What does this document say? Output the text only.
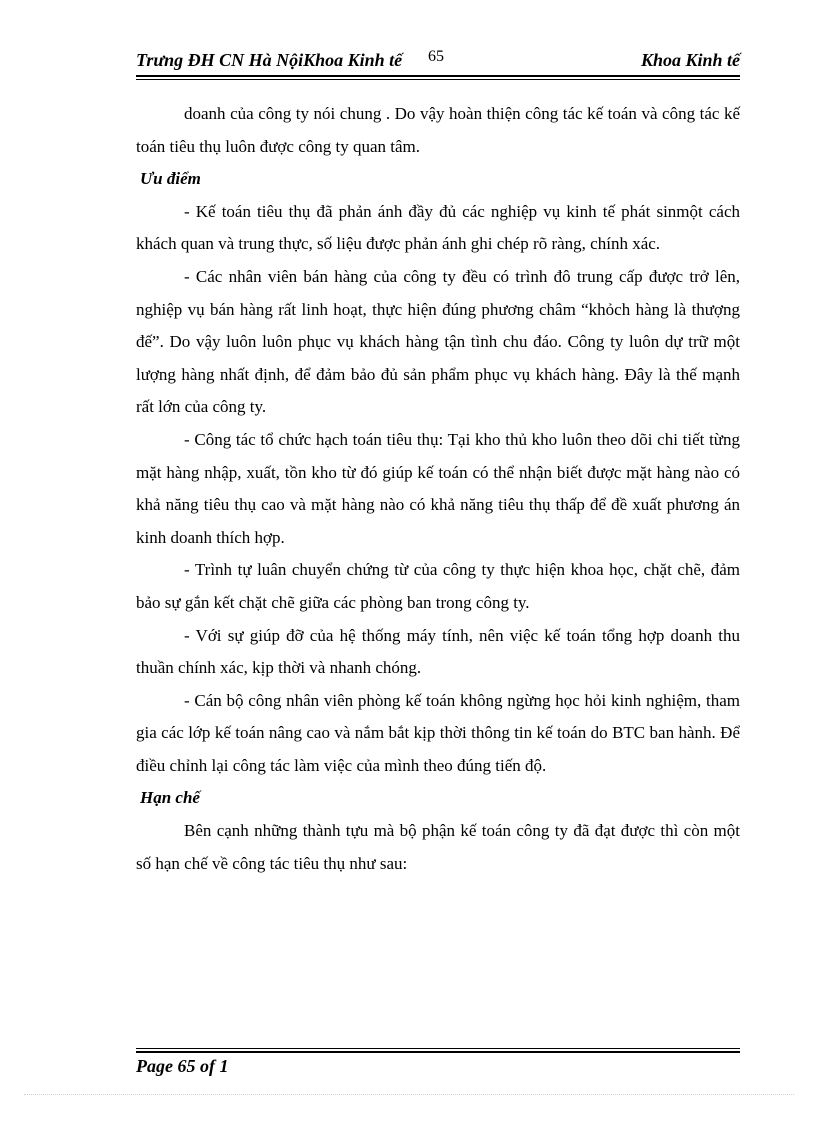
Trưng ĐH CN Hà NộiKhoa Kinh tế 65	Khoa Kinh tế

doanh của công ty nói chung . Do vậy hoàn thiện công tác kế toán và công tác kế toán tiêu thụ luôn được công ty quan tâm.

Ưu điểm

- Kế toán tiêu thụ đã phản ánh đầy đủ các nghiệp vụ kinh tế phát sinmột cách khách quan và trung thực, số liệu được phản ánh ghi chép rõ ràng, chính xác.

- Các nhân viên bán hàng của công ty đều có trình đô trung cấp được trở lên, nghiệp vụ bán hàng rất linh hoạt, thực hiện đúng phương châm “khỏch hàng là thượng đế”. Do vậy luôn luôn phục vụ khách hàng tận tình chu đáo. Công ty luôn dự trữ một lượng hàng nhất định, để đảm bảo đủ sản phẩm phục vụ khách hàng. Đây là thế mạnh rất lớn của công ty.

- Công tác tổ chức hạch toán tiêu thụ: Tại kho thủ kho luôn theo dõi chi tiết từng mặt hàng nhập, xuất, tồn kho từ đó giúp kế toán có thể nhận biết được mặt hàng nào có khả năng tiêu thụ cao và mặt hàng nào có khả năng tiêu thụ thấp để đề xuất phương án kinh doanh thích hợp.

- Trình tự luân chuyển chứng từ của công ty thực hiện khoa học, chặt chẽ, đảm bảo sự gắn kết chặt chẽ giữa các phòng ban trong công ty.

- Với sự giúp đỡ của hệ thống máy tính, nên việc kế toán tổng hợp doanh thu thuần chính xác, kịp thời và nhanh chóng.

- Cán bộ công nhân viên phòng kế toán không ngừng học hỏi kinh nghiệm, tham gia các lớp kế toán nâng cao và nắm bắt kịp thời thông tin kế toán do BTC ban hành. Để điều chỉnh lại công tác làm việc của mình theo đúng tiến độ.

Hạn chế

Bên cạnh những thành tựu mà bộ phận kế toán công ty đã đạt được thì còn một số hạn chế về công tác tiêu thụ như sau:

Page 65 of 1
